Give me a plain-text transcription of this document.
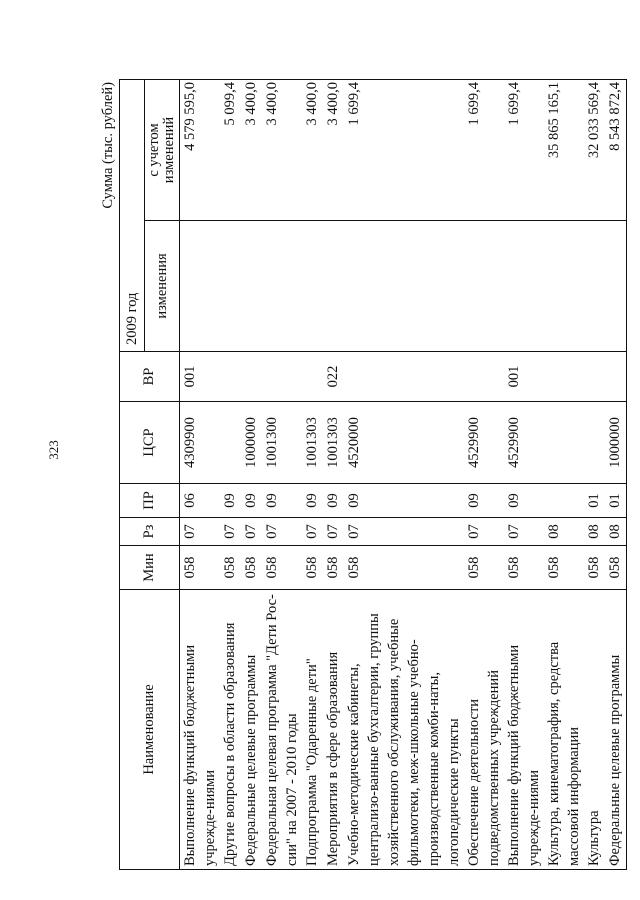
323
Сумма (тыс. рублей)
Наименование	Мин	Рз	ПР	ЦСР	ВР	2009 год	
						изменения	с учетом изменений

Выполнение функций бюджетными учрежде-ниями	058	07	06	4309900	001		4 579 595,0
Другие вопросы в области образования	058	07	09				5 099,4
Федеральные целевые программы	058	07	09	1000000			3 400,0
Федеральная целевая программа "Дети Рос-сии" на 2007 - 2010 годы	058	07	09	1001300			3 400,0
Подпрограмма "Одаренные дети"	058	07	09	1001303			3 400,0
Мероприятия в сфере образования	058	07	09	1001303	022		3 400,0
Учебно-методические кабинеты, централизо-ванные бухгалтерии, группы хозяйственного обслуживания, учебные фильмотеки, меж-школьные учебно-производственные комби-наты, логопедические пункты	058	07	09	4520000			1 699,4
Обеспечение деятельности подведомственных учреждений	058	07	09	4529900			1 699,4
Выполнение функций бюджетными учрежде-ниями	058	07	09	4529900	001		1 699,4
Культура, кинематография, средства массовой информации	058	08					35 865 165,1
Культура	058	08	01				32 033 569,4
Федеральные целевые программы	058	08	01	1000000			8 543 872,4
